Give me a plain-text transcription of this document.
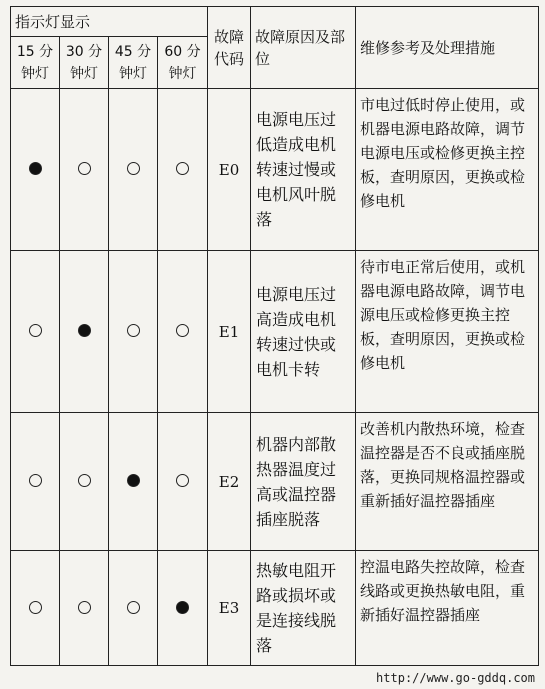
指示灯显示				故障代码	故障原因及部位	维修参考及处理措施
15 分钟灯	30 分钟灯	45 分钟灯	60 分钟灯			
				E0	电源电压过低造成电机转速过慢或电机风叶脱落	市电过低时停止使用，或机器电源电路故障，调节电源电压或检修更换主控板，查明原因，更换或检修电机
				E1	电源电压过高造成电机转速过快或电机卡转	待市电正常后使用，或机器电源电路故障，调节电源电压或检修更换主控板，查明原因，更换或检修电机
				E2	机器内部散热器温度过高或温控器插座脱落	改善机内散热环境，检查温控器是否不良或插座脱落，更换同规格温控器或重新插好温控器插座
				E3	热敏电阻开路或损坏或是连接线脱落	控温电路失控故障，检查线路或更换热敏电阻，重新插好温控器插座
http://www.go-gddq.com
